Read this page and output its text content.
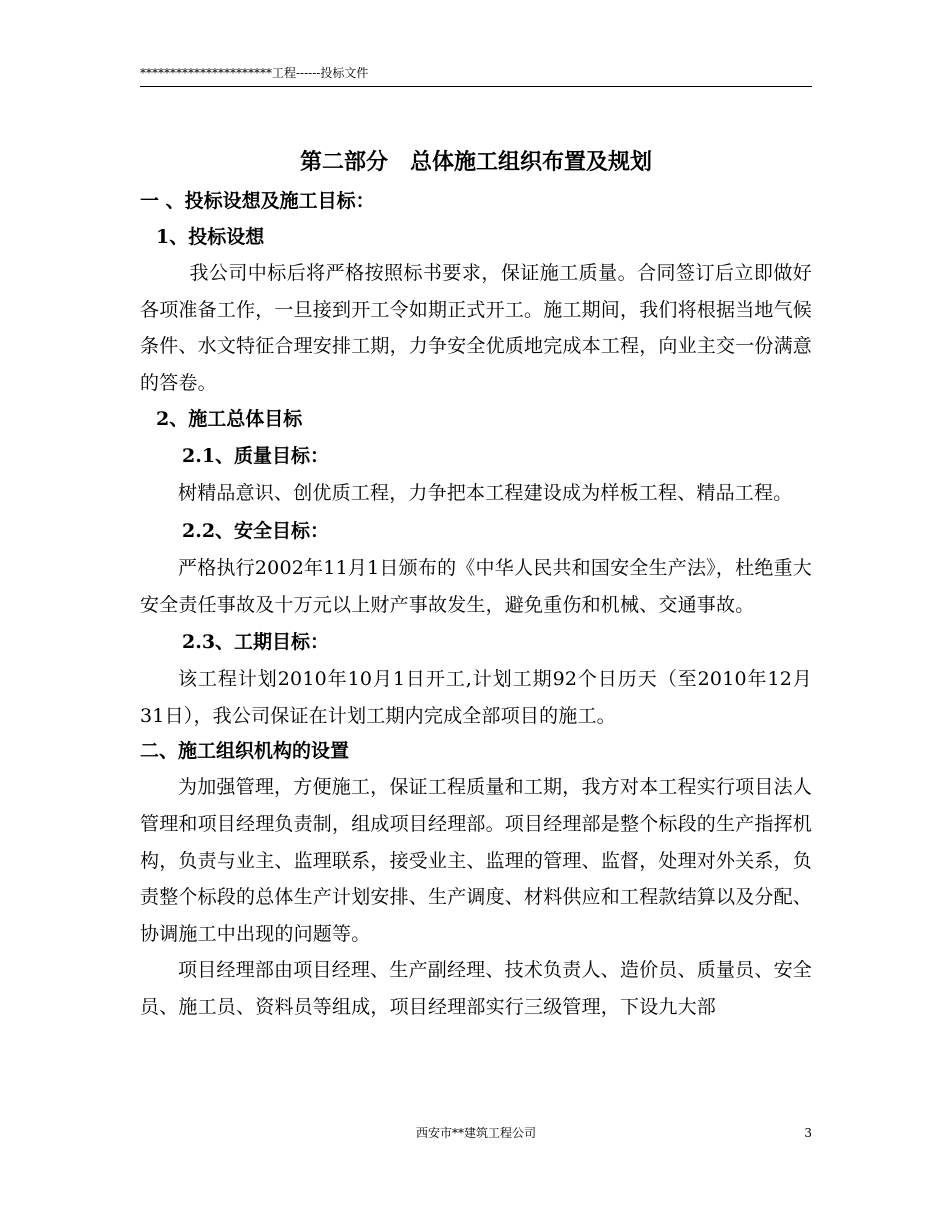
**********************工程------投标文件
第二部分　总体施工组织布置及规划
一 、投标设想及施工目标：
1、投标设想

我公司中标后将严格按照标书要求，保证施工质量。合同签订后立即做好各项准备工作，一旦接到开工令如期正式开工。施工期间，我们将根据当地气候条件、水文特征合理安排工期，力争安全优质地完成本工程，向业主交一份满意的答卷。

2、施工总体目标
2.1、质量目标：

树精品意识、创优质工程，力争把本工程建设成为样板工程、精品工程。

2.2、安全目标：

严格执行2002年11月1日颁布的《中华人民共和国安全生产法》，杜绝重大安全责任事故及十万元以上财产事故发生，避免重伤和机械、交通事故。

2.3、工期目标：

该工程计划2010年10月1日开工,计划工期92个日历天（至2010年12月31日），我公司保证在计划工期内完成全部项目的施工。

二、施工组织机构的设置

为加强管理，方便施工，保证工程质量和工期，我方对本工程实行项目法人管理和项目经理负责制，组成项目经理部。项目经理部是整个标段的生产指挥机构，负责与业主、监理联系，接受业主、监理的管理、监督，处理对外关系，负责整个标段的总体生产计划安排、生产调度、材料供应和工程款结算以及分配、协调施工中出现的问题等。

项目经理部由项目经理、生产副经理、技术负责人、造价员、质量员、安全员、施工员、资料员等组成，项目经理部实行三级管理，下设九大部

西安市**建筑工程公司	3
